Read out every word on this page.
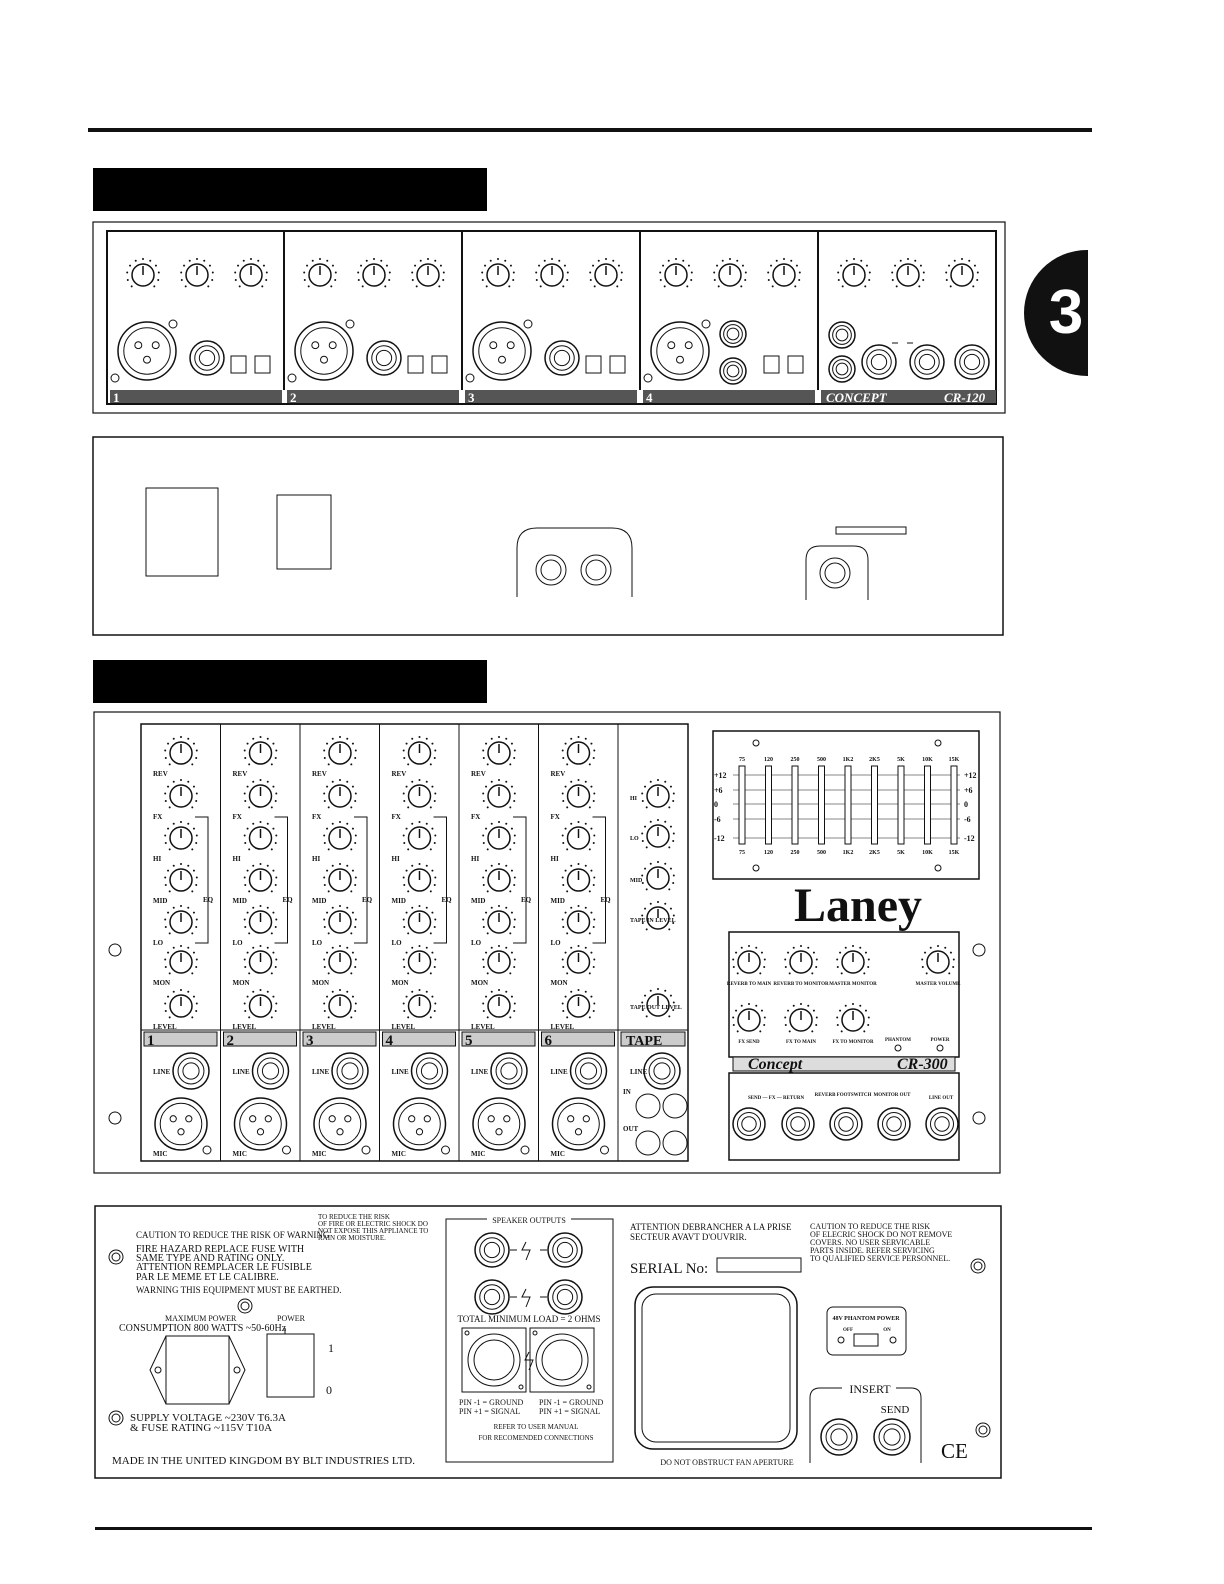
3
1	2	3	4	CONCEPT	CR-120
REV
FX
HI
MID
LO
MON
LEVEL
EQ
1
LINE
MIC
REV
FX
HI
MID
LO
MON
LEVEL
EQ
2
LINE
MIC
REV
FX
HI
MID
LO
MON
LEVEL
EQ
3
LINE
MIC
REV
FX
HI
MID
LO
MON
LEVEL
EQ
4
LINE
MIC
REV
FX
HI
MID
LO
MON
LEVEL
EQ
5
LINE
MIC
REV
FX
HI
MID
LO
MON
LEVEL
EQ
6
LINE
MIC
HI
LO
MID
TAPE IN LEVEL
TAPE OUT LEVEL
TAPE
LINE
IN
OUT
+12	+12
+6	+6
0	0
-6	-6
-12	-12
75
75
120
120
250
250
500
500
1K2
1K2
2K5
2K5
5K
5K
10K
10K
15K
15K
Laney
REVERB TO MAIN REVERB TO MONITOR MASTER MONITOR	MASTER VOLUME
FX SEND	FX TO MAIN	FX TO MONITOR PHANTOM	POWER
Concept	CR-300
SEND — FX — RETURN
REVERB FOOTSWITCH MONITOR OUT
LINE OUT
CAUTION TO REDUCE THE RISK OF WARNING
FIRE HAZARD REPLACE FUSE WITH
SAME TYPE AND RATING ONLY.
ATTENTION REMPLACER LE FUSIBLE
PAR LE MEME ET LE CALIBRE.
WARNING THIS EQUIPMENT MUST BE EARTHED.
TO REDUCE THE RISK
OF FIRE OR ELECTRIC SHOCK DO
NOT EXPOSE THIS APPLIANCE TO
RAIN OR MOISTURE.
MAXIMUM POWER
CONSUMPTION 800 WATTS ~50-60Hz
POWER
1
0
SUPPLY VOLTAGE ~230V T6.3A
& FUSE RATING ~115V T10A
MADE IN THE UNITED KINGDOM BY BLT INDUSTRIES LTD.
SPEAKER OUTPUTS
TOTAL MINIMUM LOAD = 2 OHMS
PIN -1 = GROUND
PIN +1 = SIGNAL
PIN -1 = GROUND
PIN +1 = SIGNAL
REFER TO USER MANUAL
FOR RECOMENDED CONNECTIONS
ATTENTION DEBRANCHER A LA PRISE
SECTEUR AVAVT D'OUVRIR.
CAUTION TO REDUCE THE RISK
OF ELECRIC SHOCK DO NOT REMOVE
COVERS. NO USER SERVICABLE
PARTS INSIDE. REFER SERVICING
TO QUALIFIED SERVICE PERSONNEL.
SERIAL No:
DO NOT OBSTRUCT FAN APERTURE
48V PHANTOM POWER
OFF	ON
INSERT
SEND
CE
